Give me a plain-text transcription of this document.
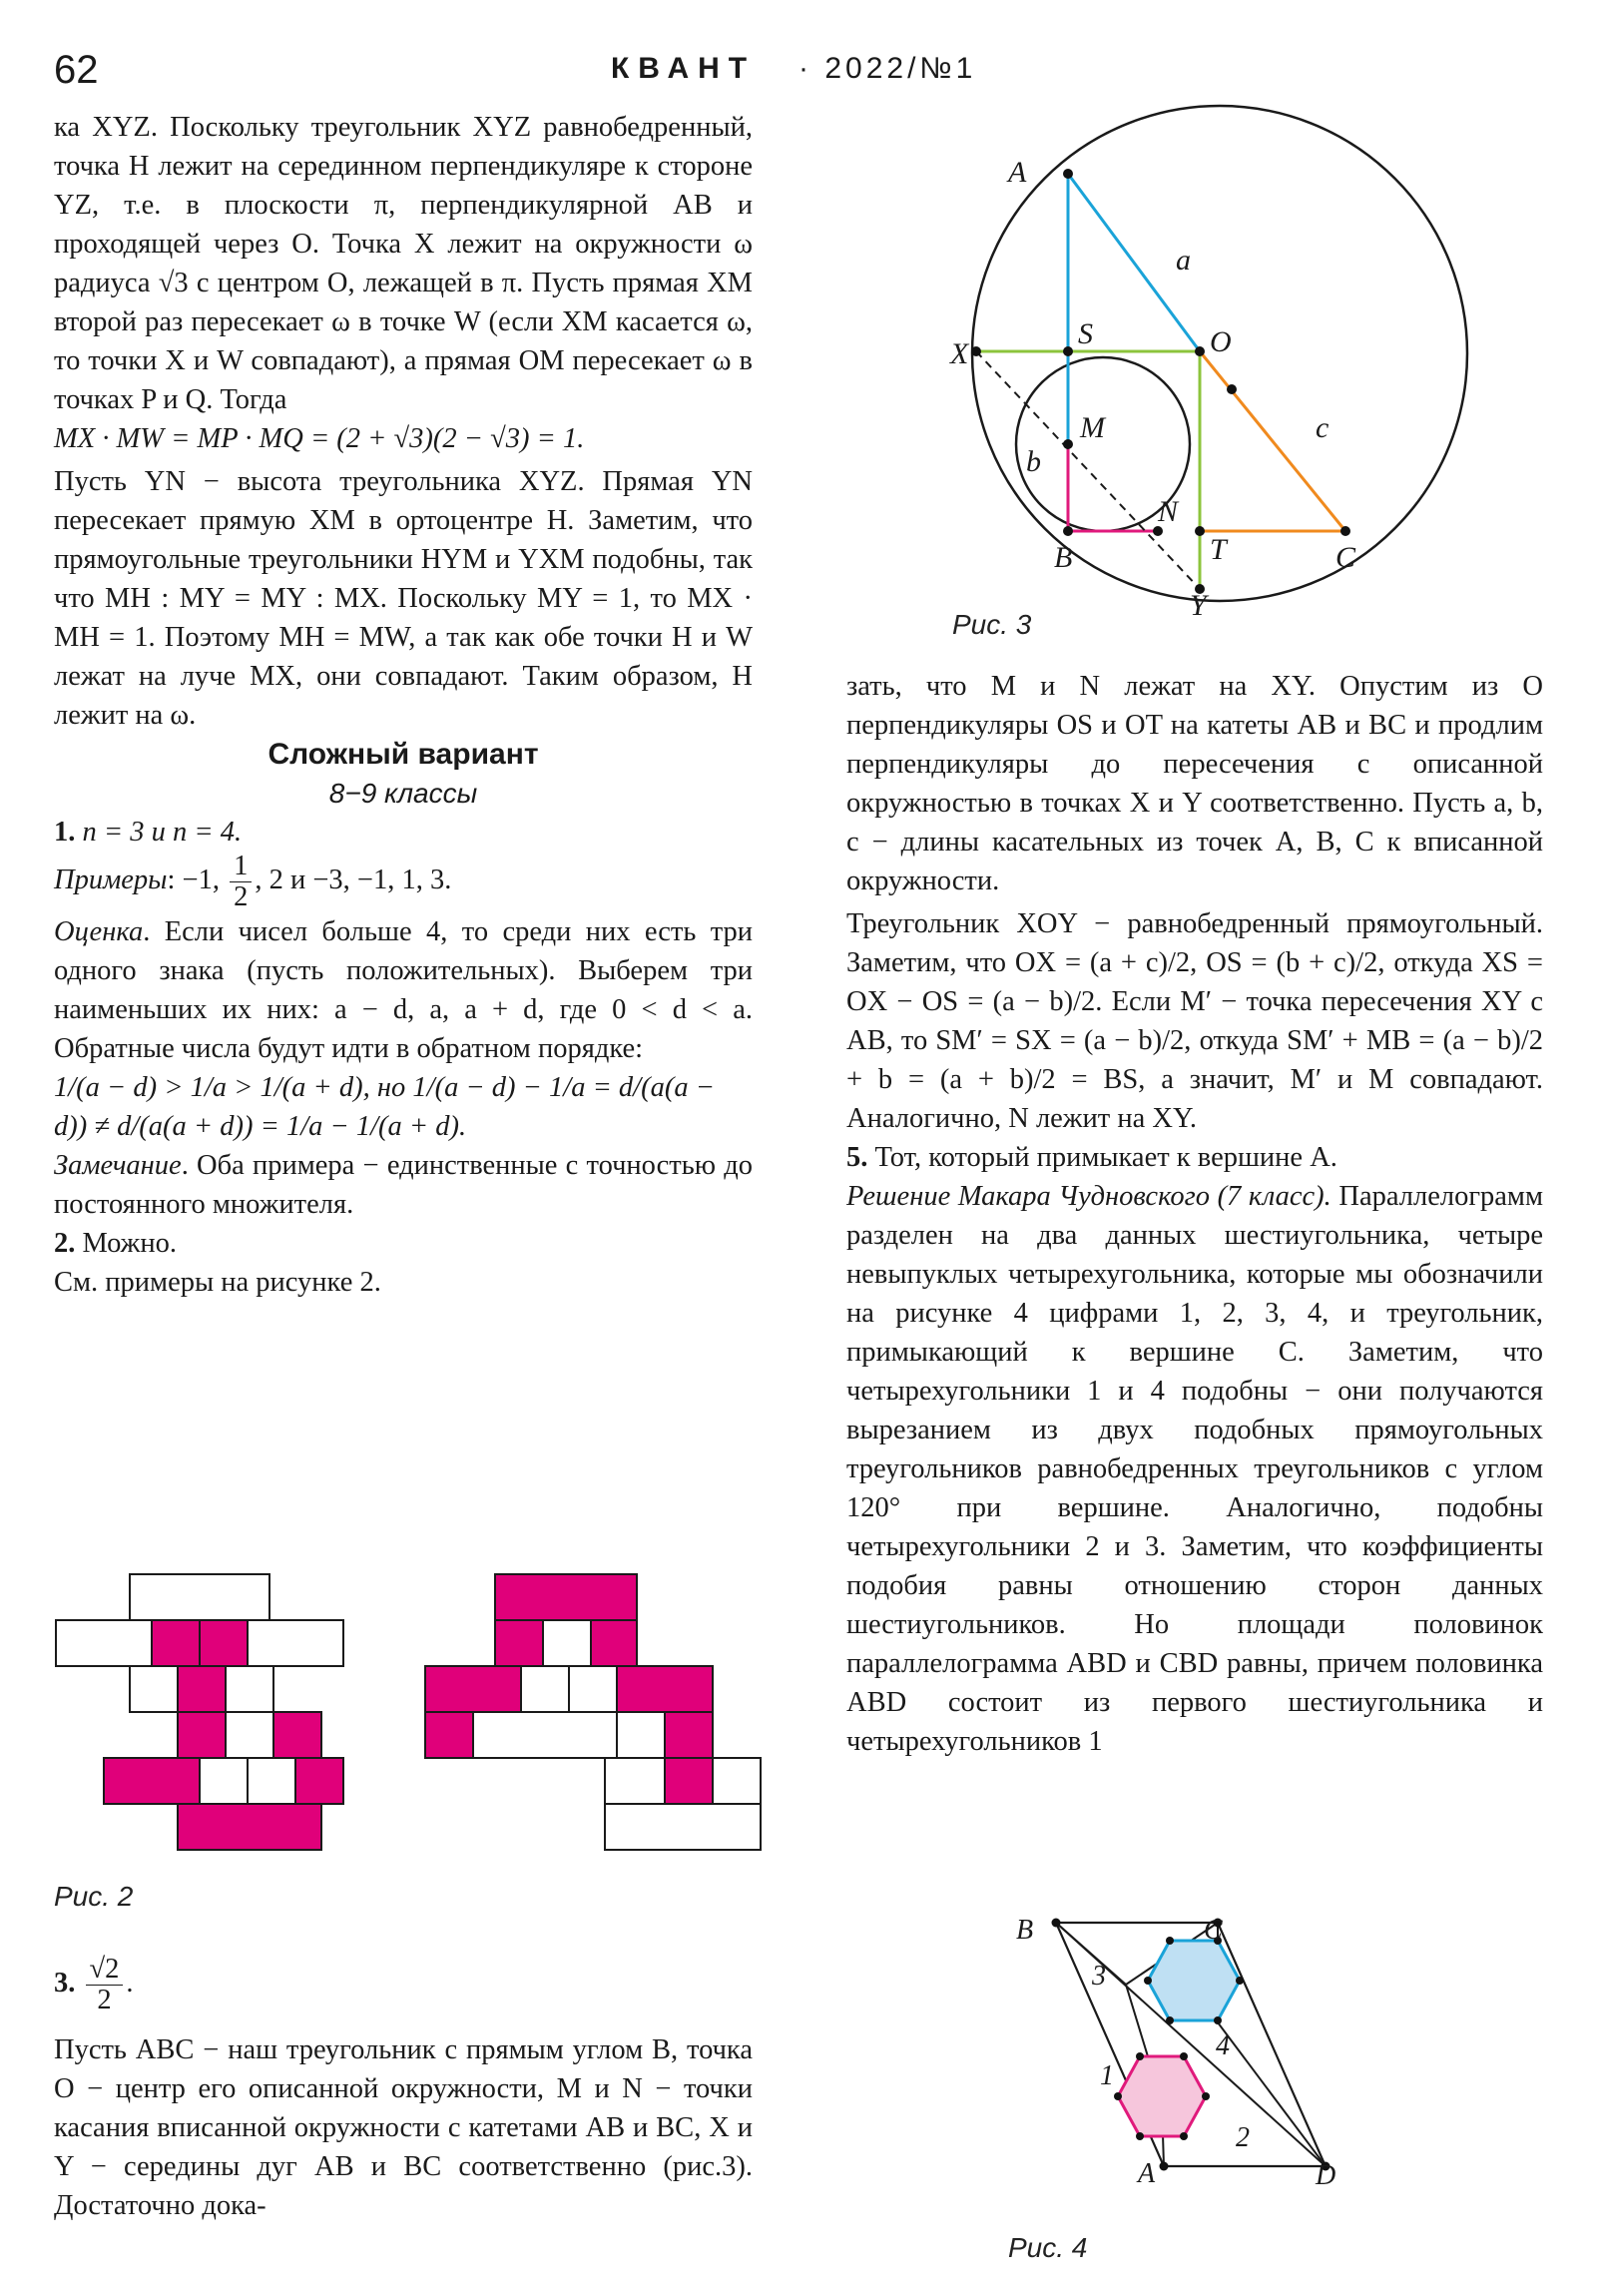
62	КВАНТ · 2022/№1

ка XYZ. Поскольку треугольник XYZ равнобедренный, точка H лежит на серединном перпендикуляре к стороне YZ, т.е. в плоскости π, перпендикулярной AB и проходящей через O. Точка X лежит на окружности ω радиуса √3 с центром O, лежащей в π. Пусть прямая XM второй раз пересекает ω в точке W (если XM касается ω, то точки X и W совпадают), а прямая OM пересекает ω в точках P и Q. Тогда

MX · MW = MP · MQ = (2 + √3)(2 − √3) = 1.

Пусть YN − высота треугольника XYZ. Прямая YN пересекает прямую XM в ортоцентре H. Заметим, что прямоугольные треугольники HYM и YXM подобны, так что MH : MY = MY : MX. Поскольку MY = 1, то MX · MH = 1. Поэтому MH = MW, а так как обе точки H и W лежат на луче MX, они совпадают. Таким образом, H лежит на ω.

Сложный вариант

8−9 классы

1. n = 3 и n = 4.

Примеры: −1, $\frac{1}{2}$ , 2 и −3, −1, 1, 3.

Оценка. Если чисел больше 4, то среди них есть три одного знака (пусть положительных). Выберем три наименьших их них: a − d, a, a + d, где 0 < d < a. Обратные числа будут идти в обратном порядке:

1/(a − d) > 1/a > 1/(a + d), но 1/(a − d) − 1/a = d/(a(a − d)) ≠ d/(a(a + d)) = 1/a − 1/(a + d).

Замечание. Оба примера − единственные с точностью до постоянного множителя.

2. Можно.

См. примеры на рисунке 2.

Рис. 2

3. $\frac{√2}{2}$ .

Пусть ABC − наш треугольник с прямым углом B, точка O − центр его описанной окружности, M и N − точки касания вписанной окружности с катетами AB и BC, X и Y − середины дуг AB и BC соответственно (рис.3). Достаточно дока-

A
a
S	O
X
M	c
b
N
B	T	C
Y
Рис. 3

зать, что M и N лежат на XY. Опустим из O перпендикуляры OS и OT на катеты AB и BC и продлим перпендикуляры до пересечения с описанной окружностью в точках X и Y соответственно. Пусть a, b, c − длины касательных из точек A, B, C к вписанной окружности.

Треугольник XOY − равнобедренный прямоугольный. Заметим, что OX = (a + c)/2, OS = (b + c)/2, откуда XS = OX − OS = (a − b)/2. Если M′ − точка пересечения XY с AB, то SM′ = SX = (a − b)/2, откуда SM′ + MB = (a − b)/2 + b = (a + b)/2 = BS, а значит, M′ и M совпадают. Аналогично, N лежит на XY.

5. Тот, который примыкает к вершине A.

Решение Макара Чудновского (7 класс). Параллелограмм разделен на два данных шестиугольника, четыре невыпуклых четырехугольника, которые мы обозначили на рисунке 4 цифрами 1, 2, 3, 4, и треугольник, примыкающий к вершине C. Заметим, что четырехугольники 1 и 4 подобны − они получаются вырезанием из двух подобных прямоугольных треугольников равнобедренных треугольников с углом 120° при вершине. Аналогично, подобны четырехугольники 2 и 3. Заметим, что коэффициенты подобия равны отношению сторон данных шестиугольников. Но площади половинок параллелограмма ABD и CBD равны, причем половинка ABD состоит из первого шестиугольника и четырехугольников 1

B	C
A	D
1
2
3
4
Рис. 4
